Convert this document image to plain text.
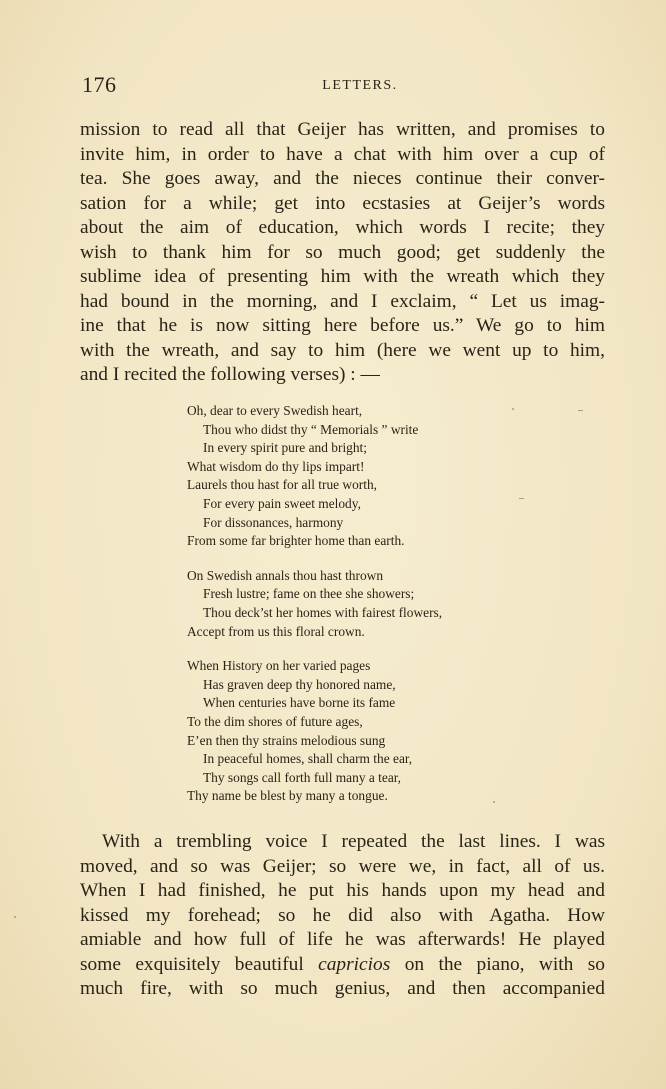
176	LETTERS.
mission to read all that Geijer has written, and promises to
invite him, in order to have a chat with him over a cup of
tea. She goes away, and the nieces continue their conver-
sation for a while; get into ecstasies at Geijer’s words
about the aim of education, which words I recite; they
wish to thank him for so much good; get suddenly the
sublime idea of presenting him with the wreath which they
had bound in the morning, and I exclaim, “ Let us imag-
ine that he is now sitting here before us.” We go to him
with the wreath, and say to him (here we went up to him,
and I recited the following verses) : —
Oh, dear to every Swedish heart,
Thou who didst thy “ Memorials ” write
In every spirit pure and bright;
What wisdom do thy lips impart!
Laurels thou hast for all true worth,
For every pain sweet melody,
For dissonances, harmony
From some far brighter home than earth.
On Swedish annals thou hast thrown
Fresh lustre; fame on thee she showers;
Thou deck’st her homes with fairest flowers,
Accept from us this floral crown.
When History on her varied pages
Has graven deep thy honored name,
When centuries have borne its fame
To the dim shores of future ages,
E’en then thy strains melodious sung
In peaceful homes, shall charm the ear,
Thy songs call forth full many a tear,
Thy name be blest by many a tongue.
With a trembling voice I repeated the last lines. I was
moved, and so was Geijer; so were we, in fact, all of us.
When I had finished, he put his hands upon my head and
kissed my forehead; so he did also with Agatha. How
amiable and how full of life he was afterwards! He played
some exquisitely beautiful capricios on the piano, with so
much fire, with so much genius, and then accompanied
